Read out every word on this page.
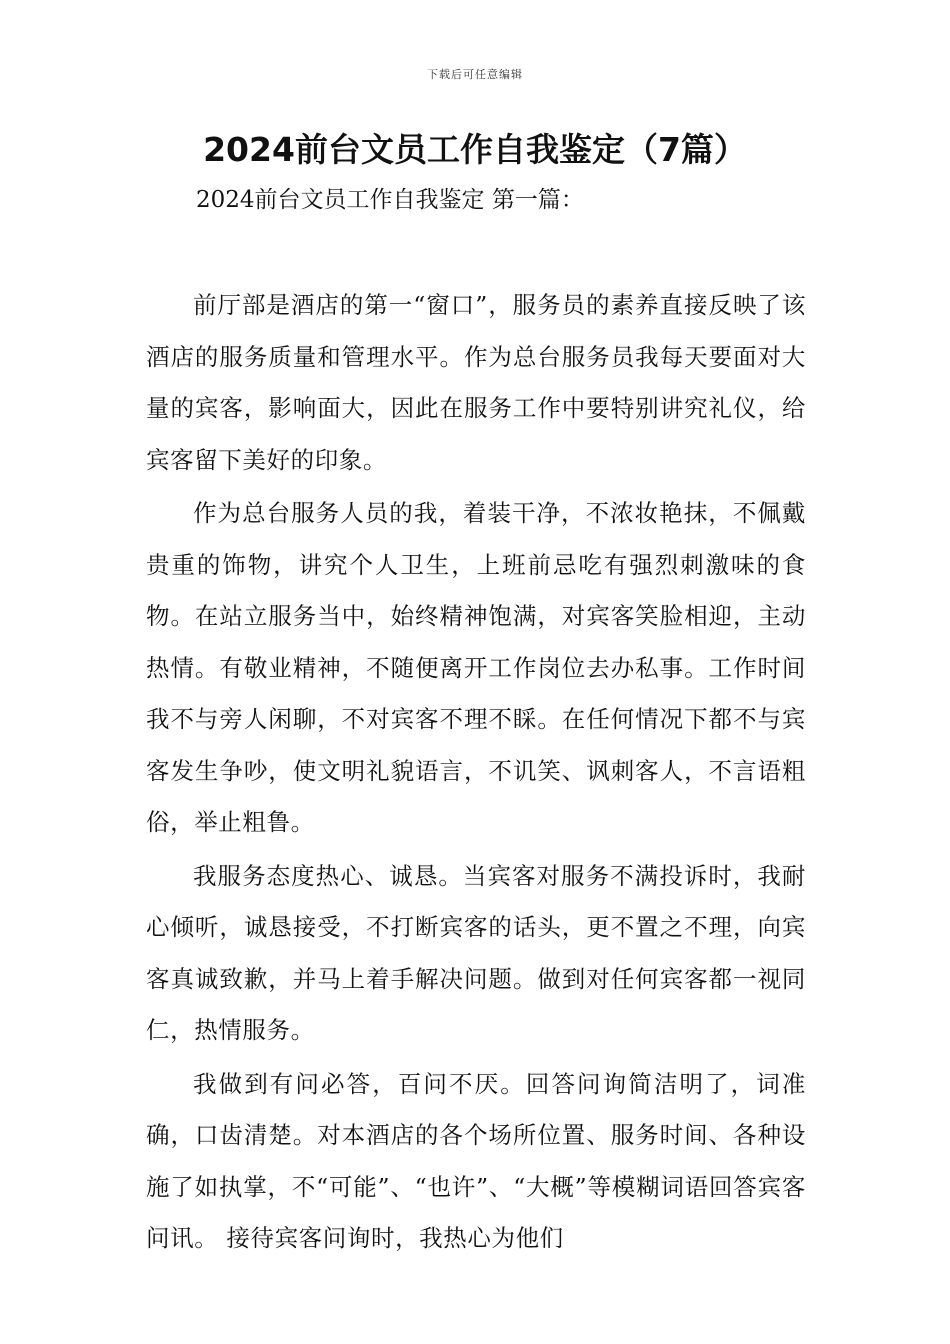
下载后可任意编辑
2024前台文员工作自我鉴定（7篇）
2024前台文员工作自我鉴定 第一篇：

前厅部是酒店的第一“窗口”，服务员的素养直接反映了该酒店的服务质量和管理水平。作为总台服务员我每天要面对大量的宾客，影响面大，因此在服务工作中要特别讲究礼仪，给宾客留下美好的印象。

作为总台服务人员的我，着装干净，不浓妆艳抹，不佩戴贵重的饰物，讲究个人卫生，上班前忌吃有强烈刺激味的食物。在站立服务当中，始终精神饱满，对宾客笑脸相迎，主动热情。有敬业精神，不随便离开工作岗位去办私事。工作时间我不与旁人闲聊，不对宾客不理不睬。在任何情况下都不与宾客发生争吵，使文明礼貌语言，不讥笑、讽刺客人，不言语粗俗，举止粗鲁。

我服务态度热心、诚恳。当宾客对服务不满投诉时，我耐心倾听，诚恳接受，不打断宾客的话头，更不置之不理，向宾客真诚致歉，并马上着手解决问题。做到对任何宾客都一视同仁，热情服务。

我做到有问必答，百问不厌。回答问询简洁明了，词准确，口齿清楚。对本酒店的各个场所位置、服务时间、各种设施了如执掌，不“可能”、“也许”、“大概”等模糊词语回答宾客问讯。 接待宾客问询时，我热心为他们
